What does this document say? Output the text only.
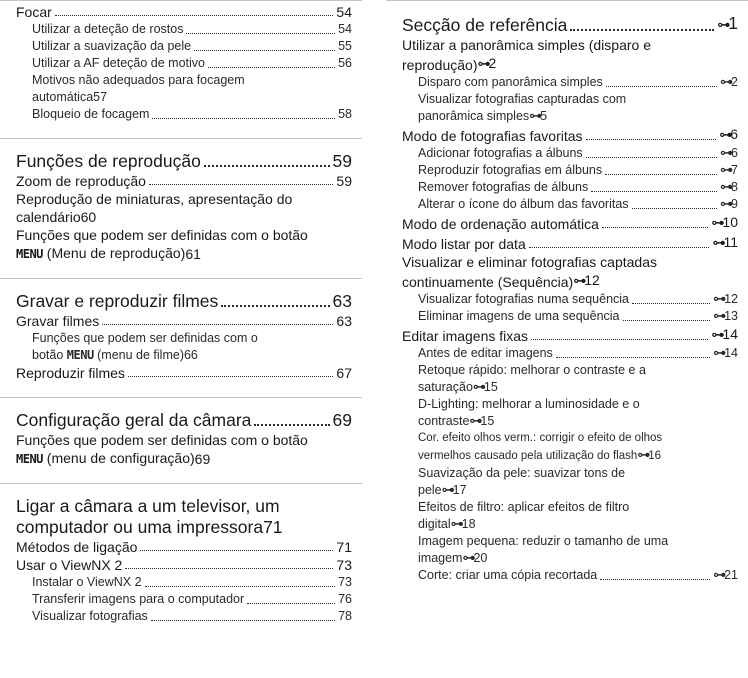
Focar	54
Utilizar a deteção de rostos	54
Utilizar a suavização da pele	55
Utilizar a AF deteção de motivo	56
Motivos não adequados para focagem
automática 57
Bloqueio de focagem	58
Funções de reprodução	59
Zoom de reprodução	59
Reprodução de miniaturas, apresentação do
calendário 60
Funções que podem ser definidas com o botão
MENU (Menu de reprodução) 61
Gravar e reproduzir filmes	63
Gravar filmes	63
Funções que podem ser definidas com o
botão MENU (menu de filme) 66
Reproduzir filmes	67
Configuração geral da câmara	69
Funções que podem ser definidas com o botão
MENU (menu de configuração) 69
Ligar a câmara a um televisor, um
computador ou uma impressora 71
Métodos de ligação	71
Usar o ViewNX 2	73
Instalar o ViewNX 2	73
Transferir imagens para o computador	76
Visualizar fotografias	78
Secção de referência	⊶1
Utilizar a panorâmica simples (disparo e
reprodução) ⊶2
Disparo com panorâmica simples	⊶2
Visualizar fotografias capturadas com
panorâmica simples ⊶5
Modo de fotografias favoritas	⊶6
Adicionar fotografias a álbuns	⊶6
Reproduzir fotografias em álbuns	⊶7
Remover fotografias de álbuns	⊶8
Alterar o ícone do álbum das favoritas	⊶9
Modo de ordenação automática	⊶10
Modo listar por data	⊶11
Visualizar e eliminar fotografias captadas
continuamente (Sequência) ⊶12
Visualizar fotografias numa sequência	⊶12
Eliminar imagens de uma sequência	⊶13
Editar imagens fixas	⊶14
Antes de editar imagens	⊶14
Retoque rápido: melhorar o contraste e a
saturação ⊶15
D-Lighting: melhorar a luminosidade e o
contraste ⊶15
Cor. efeito olhos verm.: corrigir o efeito de olhos
vermelhos causado pela utilização do flash ⊶16
Suavização da pele: suavizar tons de
pele ⊶17
Efeitos de filtro: aplicar efeitos de filtro
digital ⊶18
Imagem pequena: reduzir o tamanho de uma
imagem ⊶20
Corte: criar uma cópia recortada	⊶21
